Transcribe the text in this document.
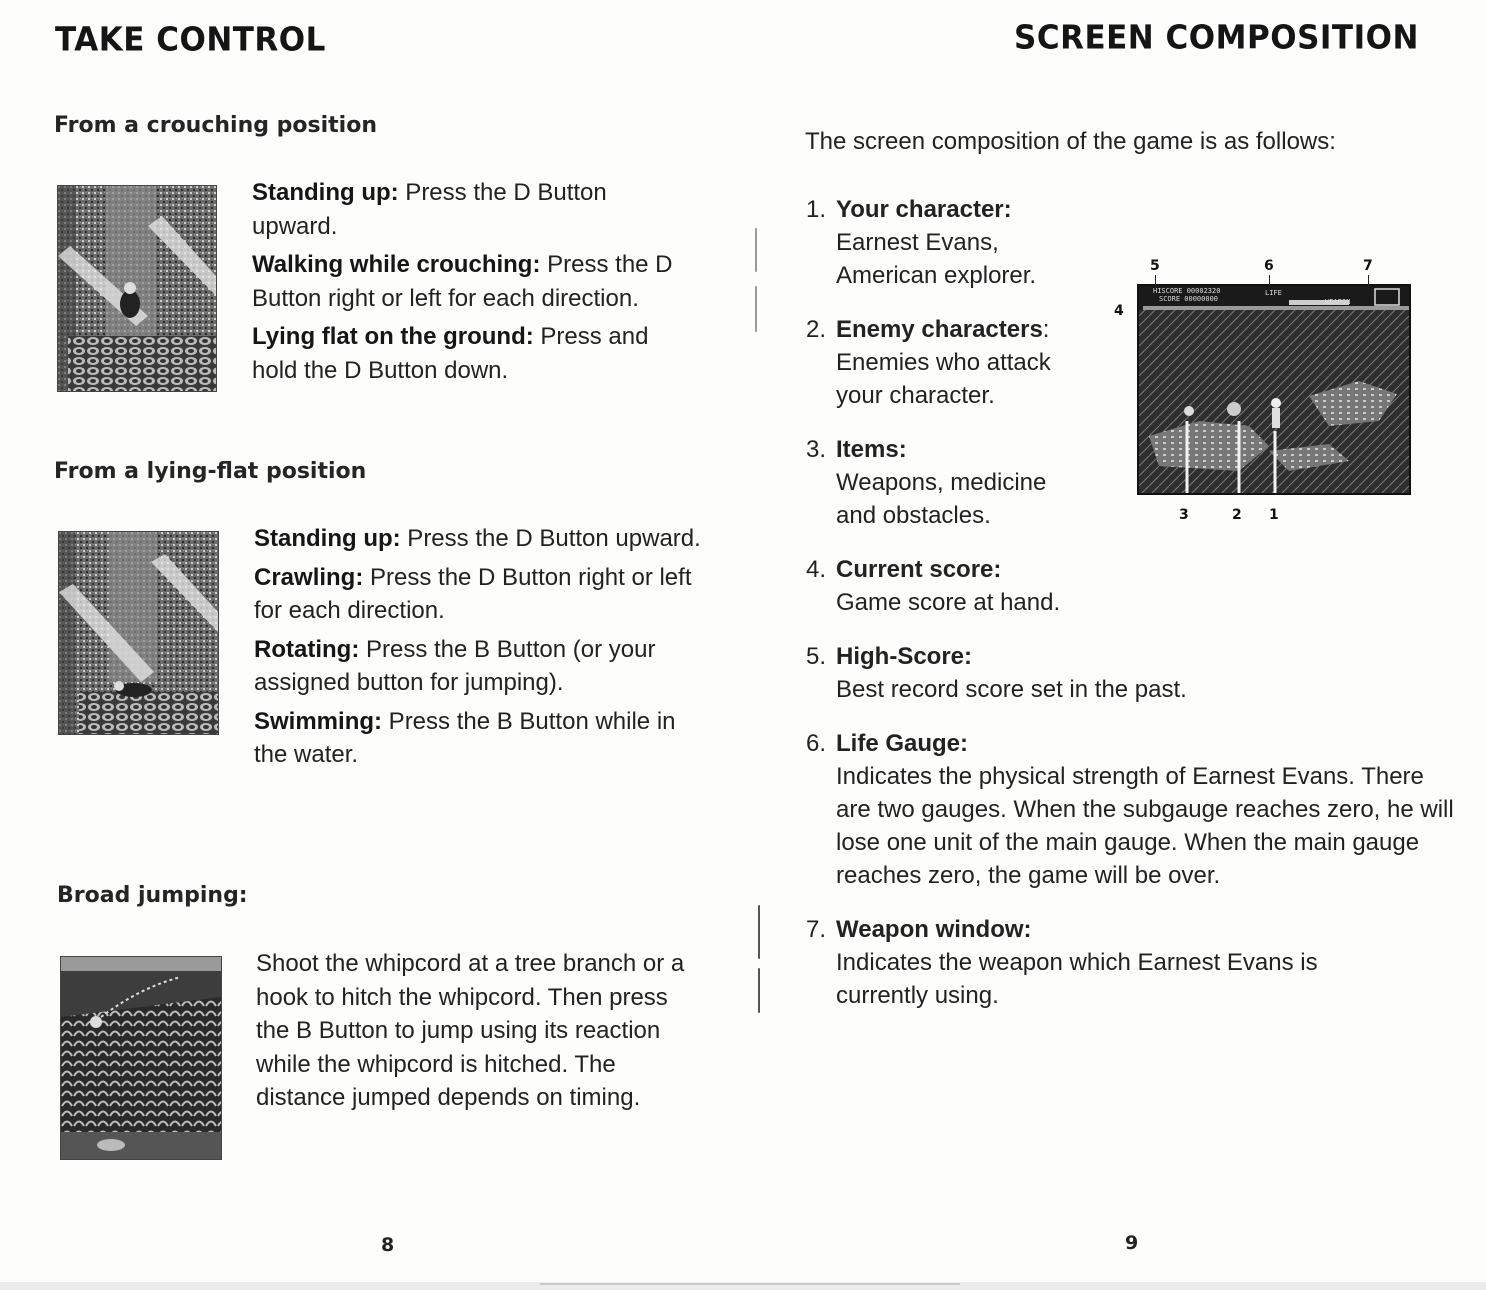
TAKE CONTROL
From a crouching position

Standing up: Press the D Button upward.

Walking while crouching: Press the D Button right or left for each direction.

Lying flat on the ground: Press and hold the D Button down.

From a lying-flat position

Standing up: Press the D Button upward.

Crawling: Press the D Button right or left for each direction.

Rotating: Press the B Button (or your assigned button for jumping).

Swimming: Press the B Button while in the water.

Broad jumping:

Shoot the whipcord at a tree branch or a hook to hitch the whipcord. Then press the B Button to jump using its reaction while the whipcord is hitched. The distance jumped depends on timing.

8
SCREEN COMPOSITION
The screen composition of the game is as follows:
1. Your character:
Earnest Evans, American explorer.
2. Enemy characters:
Enemies who attack your character.
3. Items:
Weapons, medicine and obstacles.
4. Current score:
Game score at hand.
5. High-Score:
Best record score set in the past.
6. Life Gauge:
Indicates the physical strength of Earnest Evans. There are two gauges. When the subgauge reaches zero, he will lose one unit of the main gauge. When the main gauge reaches zero, the game will be over.
7. Weapon window:
Indicates the weapon which Earnest Evans is currently using.
5	6	7
4
HISCORE 00002320
SCORE 00000000
LIFE
WEAPON
3	2 1
9
